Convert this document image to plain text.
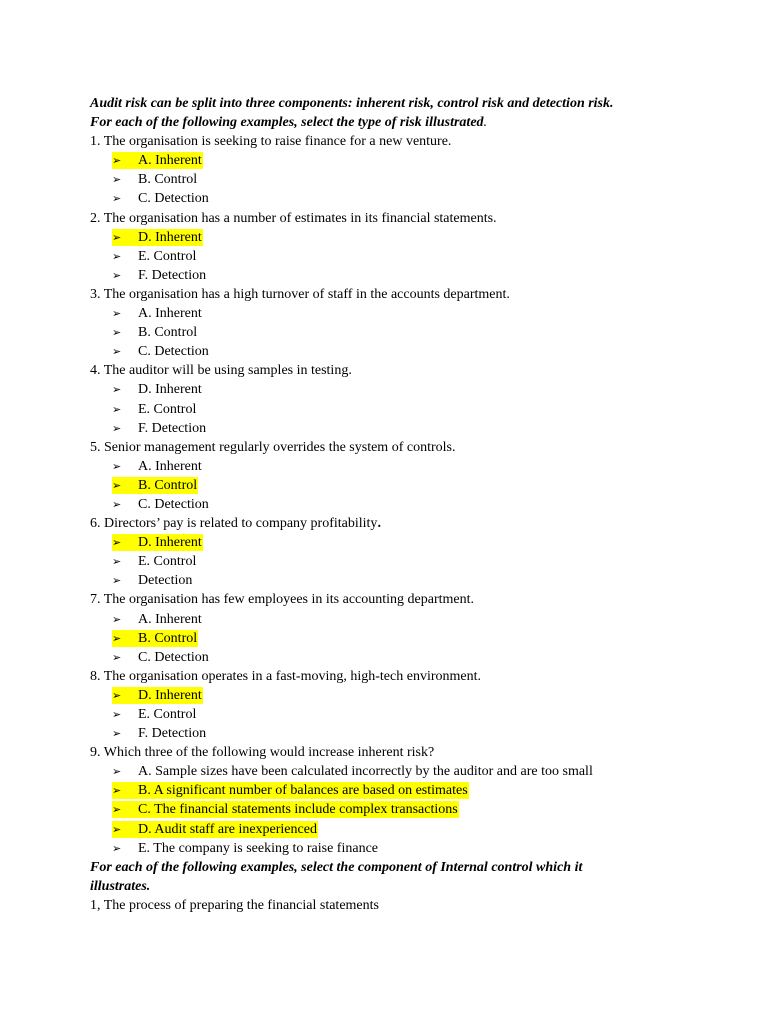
Audit risk can be split into three components: inherent risk, control risk and detection risk.
For each of the following examples, select the type of risk illustrated.
1. The organisation is seeking to raise finance for a new venture.
➢	A. Inherent
➢	B. Control
➢	C. Detection
2. The organisation has a number of estimates in its financial statements.
➢	D. Inherent
➢	E. Control
➢	F. Detection
3. The organisation has a high turnover of staff in the accounts department.
➢	A. Inherent
➢	B. Control
➢	C. Detection
4. The auditor will be using samples in testing.
➢	D. Inherent
➢	E. Control
➢	F. Detection
5. Senior management regularly overrides the system of controls.
➢	A. Inherent
➢	B. Control
➢	C. Detection
6. Directors’ pay is related to company profitability.
➢	D. Inherent
➢	E. Control
➢	Detection
7. The organisation has few employees in its accounting department.
➢	A. Inherent
➢	B. Control
➢	C. Detection
8. The organisation operates in a fast-moving, high-tech environment.
➢	D. Inherent
➢	E. Control
➢	F. Detection
9. Which three of the following would increase inherent risk?
➢	A. Sample sizes have been calculated incorrectly by the auditor and are too small
➢	B. A significant number of balances are based on estimates
➢	C. The financial statements include complex transactions
➢	D. Audit staff are inexperienced
➢	E. The company is seeking to raise finance
For each of the following examples, select the component of Internal control which it
illustrates.
1, The process of preparing the financial statements
